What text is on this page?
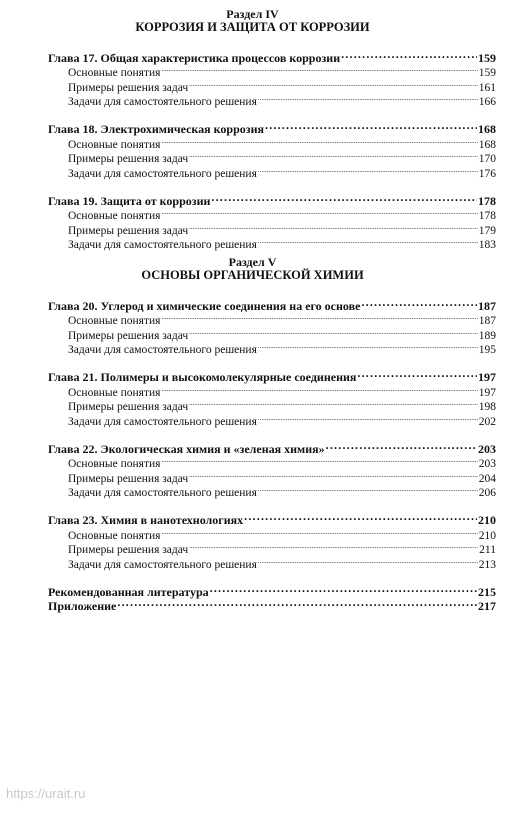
Раздел IV
КОРРОЗИЯ И ЗАЩИТА ОТ КОРРОЗИИ
Глава 17. Общая характеристика процессов коррозии .....	159
Основные понятия .....	159
Примеры решения задач .....	161
Задачи для самостоятельного решения .....	166
Глава 18. Электрохимическая коррозия .....	168
Основные понятия .....	168
Примеры решения задач .....	170
Задачи для самостоятельного решения .....	176
Глава 19. Защита от коррозии .....	178
Основные понятия .....	178
Примеры решения задач .....	179
Задачи для самостоятельного решения .....	183
Раздел V
ОСНОВЫ ОРГАНИЧЕСКОЙ ХИМИИ
Глава 20. Углерод и химические соединения на его основе .....	187
Основные понятия .....	187
Примеры решения задач .....	189
Задачи для самостоятельного решения .....	195
Глава 21. Полимеры и высокомолекулярные соединения .....	197
Основные понятия .....	197
Примеры решения задач .....	198
Задачи для самостоятельного решения .....	202
Глава 22. Экологическая химия и «зеленая химия» .....	203
Основные понятия .....	203
Примеры решения задач .....	204
Задачи для самостоятельного решения .....	206
Глава 23. Химия в нанотехнологиях .....	210
Основные понятия .....	210
Примеры решения задач .....	211
Задачи для самостоятельного решения .....	213
Рекомендованная литература .....	215
Приложение .....	217
https://urait.ru
